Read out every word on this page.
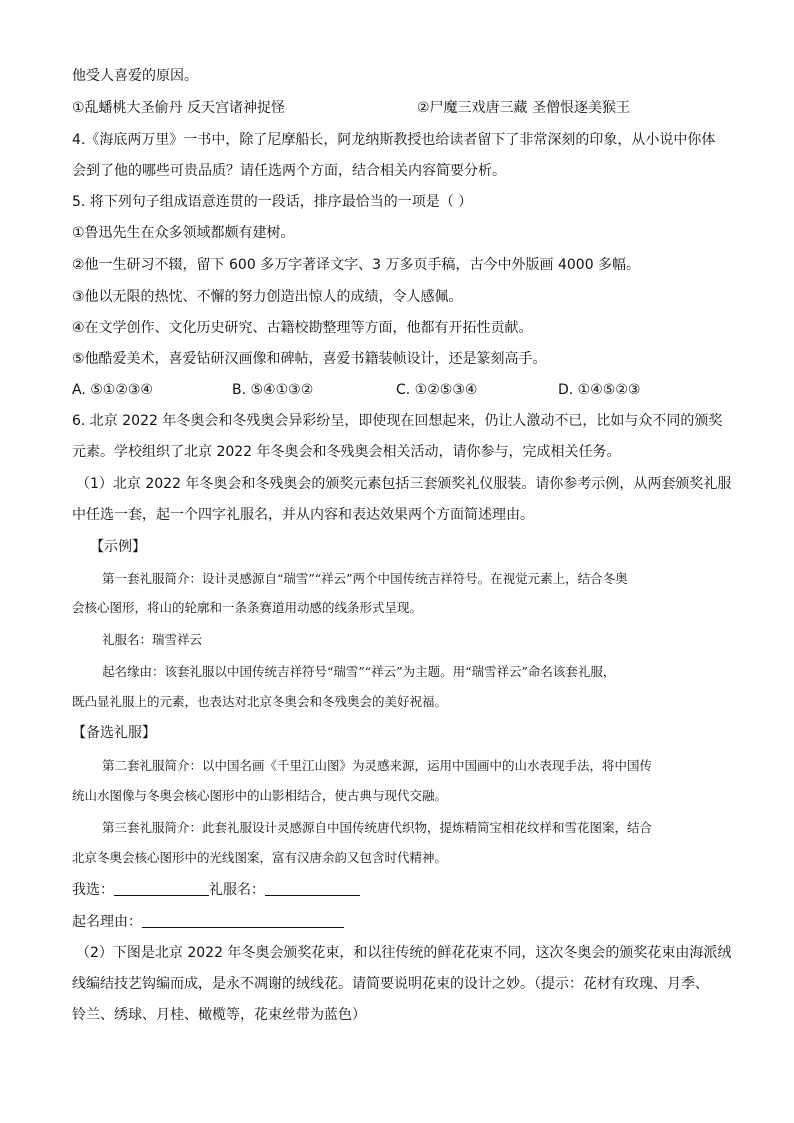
他受人喜爱的原因。
①乱蟠桃大圣偷丹 反天宫诸神捉怪	②尸魔三戏唐三藏 圣僧恨逐美猴王
4.《海底两万里》一书中，除了尼摩船长，阿龙纳斯教授也给读者留下了非常深刻的印象，从小说中你体
会到了他的哪些可贵品质？请任选两个方面，结合相关内容简要分析。
5. 将下列句子组成语意连贯的一段话，排序最恰当的一项是（ ）
①鲁迅先生在众多领域都颇有建树。
②他一生研习不辍，留下 600 多万字著译文字、3 万多页手稿，古今中外版画 4000 多幅。
③他以无限的热忱、不懈的努力创造出惊人的成绩，令人感佩。
④在文学创作、文化历史研究、古籍校勘整理等方面，他都有开拓性贡献。
⑤他酷爱美术，喜爱钻研汉画像和碑帖，喜爱书籍装帧设计，还是篆刻高手。
A. ⑤①②③④	B. ⑤④①③②	C. ①②⑤③④	D. ①④⑤②③
6. 北京 2022 年冬奥会和冬残奥会异彩纷呈，即使现在回想起来，仍让人激动不已，比如与众不同的颁奖
元素。学校组织了北京 2022 年冬奥会和冬残奥会相关活动，请你参与，完成相关任务。
（1）北京 2022 年冬奥会和冬残奥会的颁奖元素包括三套颁奖礼仪服装。请你参考示例，从两套颁奖礼服
中任选一套，起一个四字礼服名，并从内容和表达效果两个方面简述理由。
【示例】
第一套礼服简介：设计灵感源自“瑞雪”“祥云”两个中国传统吉祥符号。在视觉元素上，结合冬奥
会核心图形，将山的轮廓和一条条赛道用动感的线条形式呈现。
礼服名：瑞雪祥云
起名缘由：该套礼服以中国传统吉祥符号“瑞雪”“祥云”为主题。用“瑞雪祥云”命名该套礼服，
既凸显礼服上的元素，也表达对北京冬奥会和冬残奥会的美好祝福。
【备选礼服】
第二套礼服简介：以中国名画《千里江山图》为灵感来源，运用中国画中的山水表现手法，将中国传
统山水图像与冬奥会核心图形中的山影相结合，使古典与现代交融。
第三套礼服简介：此套礼服设计灵感源自中国传统唐代织物，提炼精简宝相花纹样和雪花图案，结合
北京冬奥会核心图形中的光线图案，富有汉唐余韵又包含时代精神。
我选：	礼服名：
起名理由：
（2）下图是北京 2022 年冬奥会颁奖花束，和以往传统的鲜花花束不同，这次冬奥会的颁奖花束由海派绒
线编结技艺钩编而成，是永不凋谢的绒线花。请简要说明花束的设计之妙。（提示：花材有玫瑰、月季、
铃兰、绣球、月桂、橄榄等，花束丝带为蓝色）
